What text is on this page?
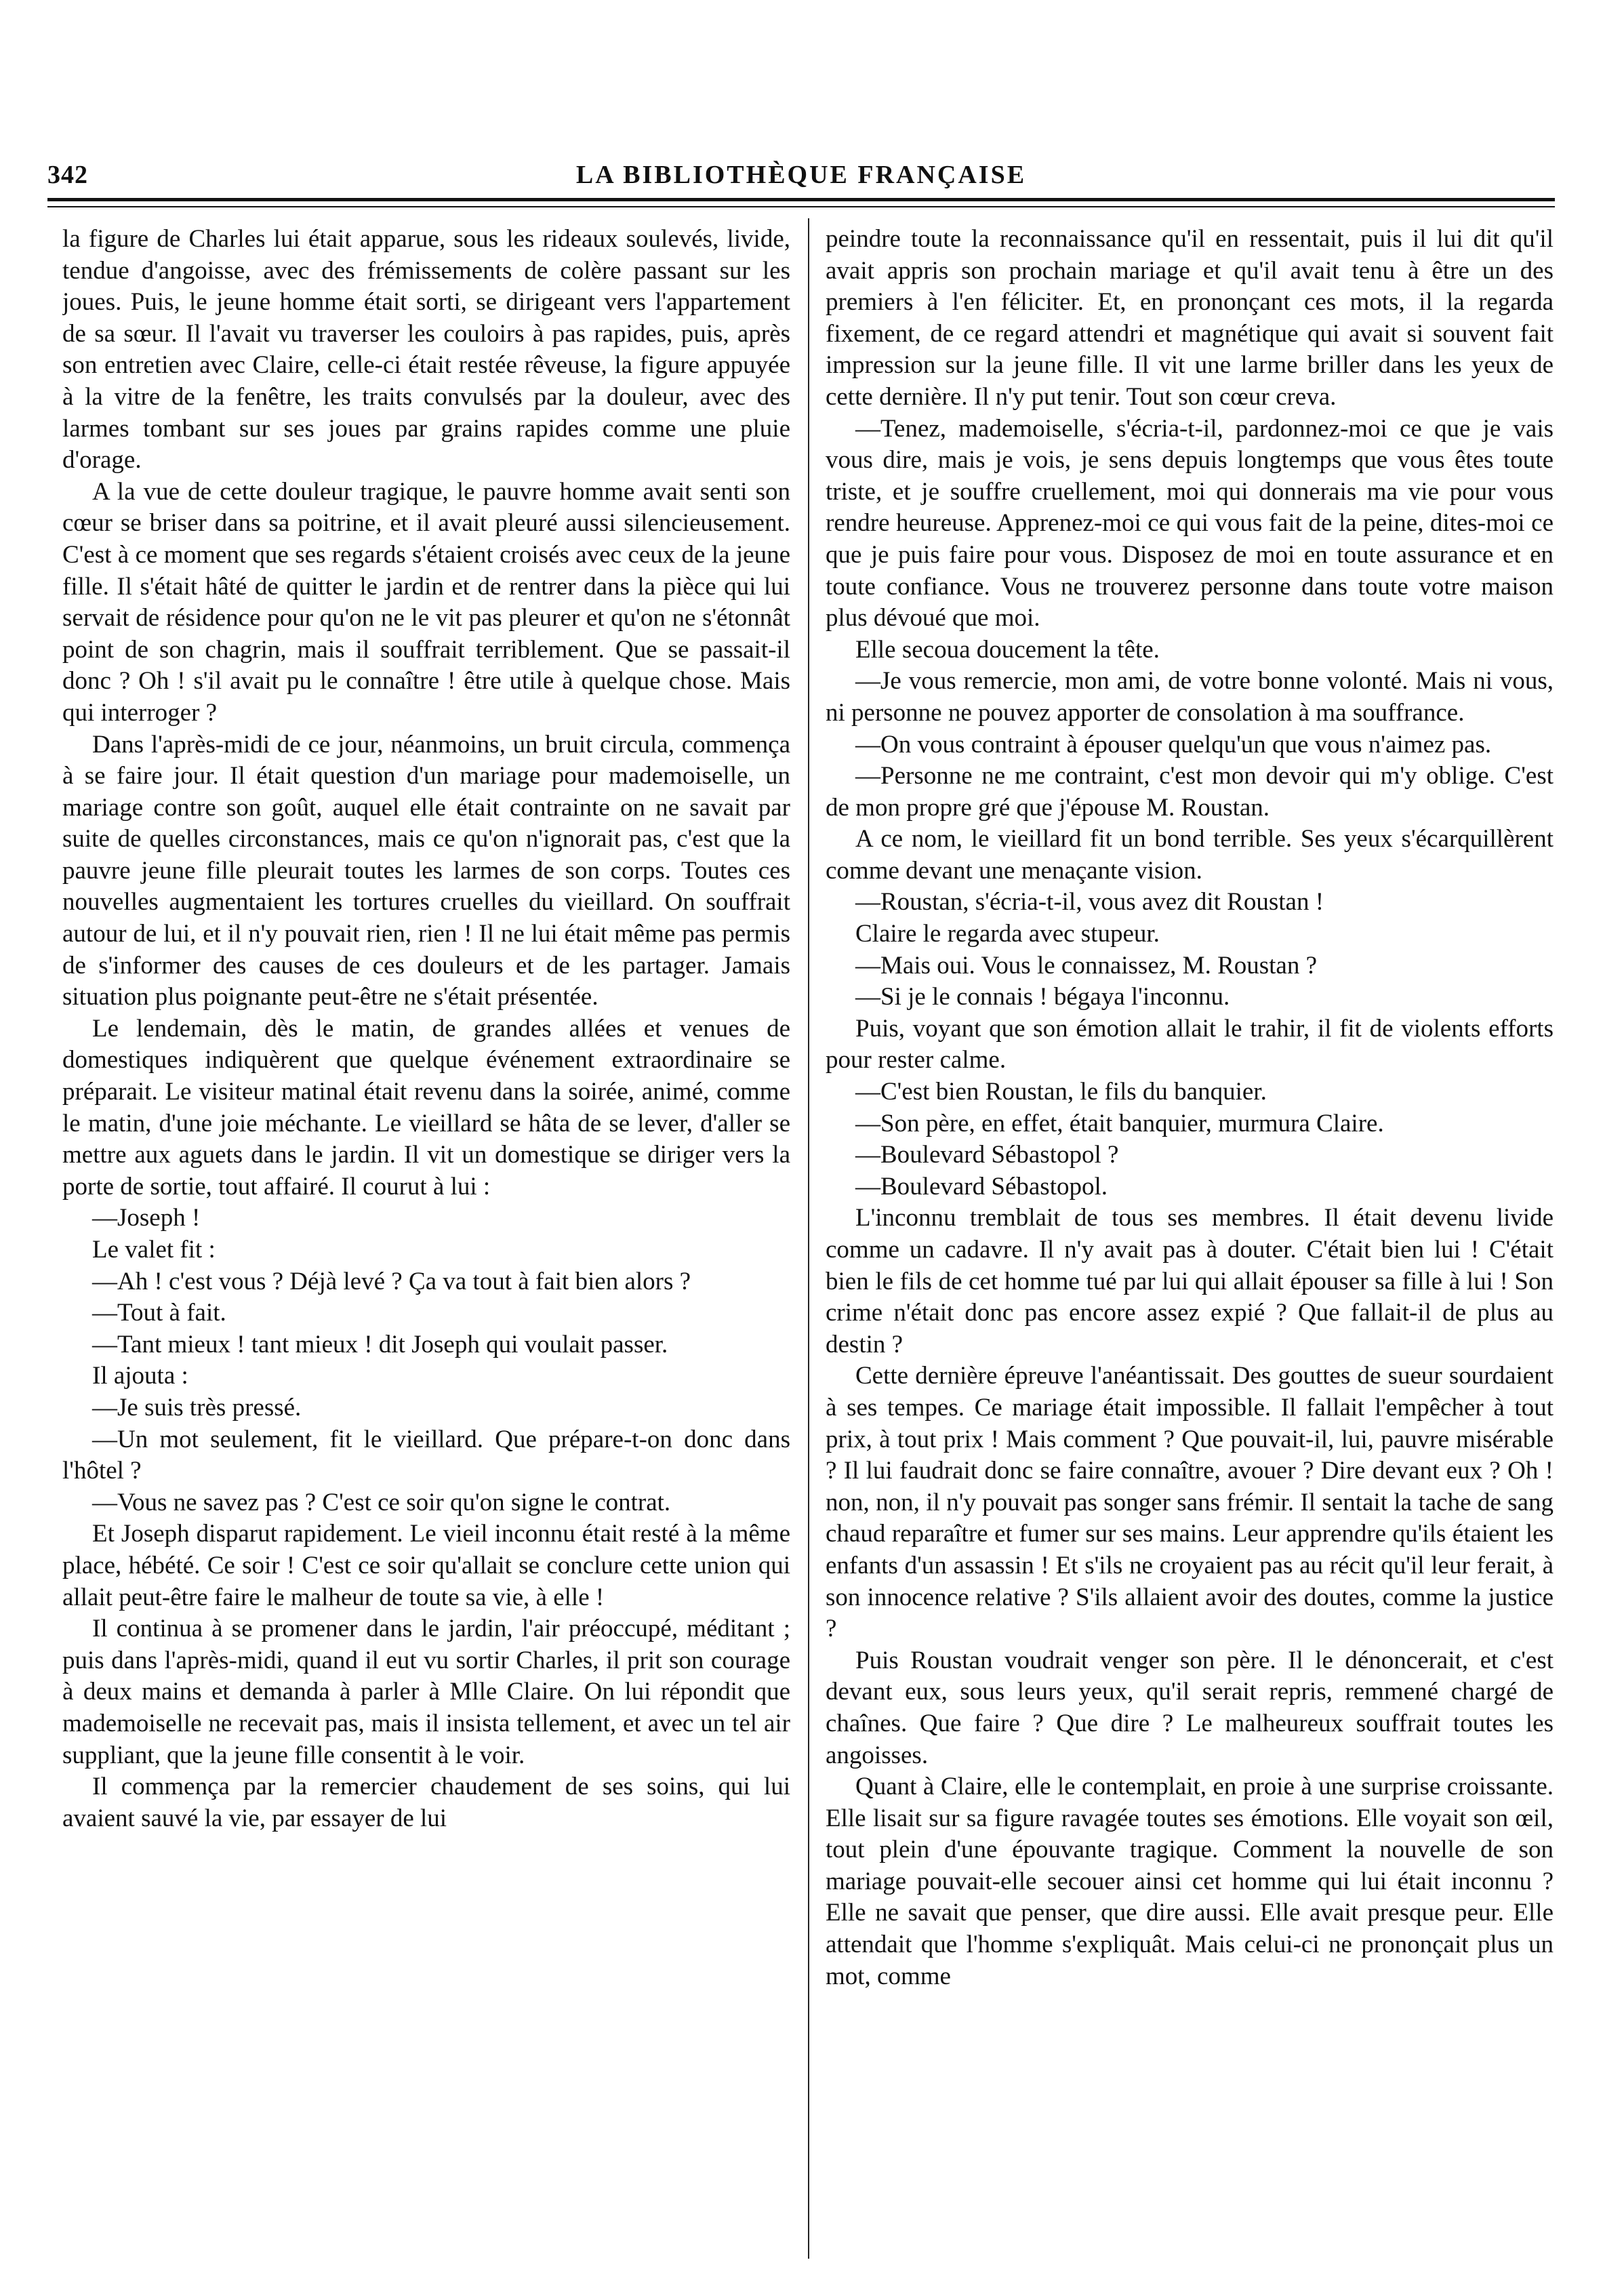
342	LA BIBLIOTHÈQUE FRANÇAISE

la figure de Charles lui était apparue, sous les rideaux soulevés, livide, tendue d'angoisse, avec des frémissements de colère passant sur les joues. Puis, le jeune homme était sorti, se dirigeant vers l'appartement de sa sœur. Il l'avait vu traverser les couloirs à pas rapides, puis, après son entretien avec Claire, celle-ci était restée rêveuse, la figure appuyée à la vitre de la fenêtre, les traits convulsés par la douleur, avec des larmes tombant sur ses joues par grains rapides comme une pluie d'orage.

A la vue de cette douleur tragique, le pauvre homme avait senti son cœur se briser dans sa poitrine, et il avait pleuré aussi silencieusement. C'est à ce moment que ses regards s'étaient croisés avec ceux de la jeune fille. Il s'était hâté de quitter le jardin et de rentrer dans la pièce qui lui servait de résidence pour qu'on ne le vit pas pleurer et qu'on ne s'étonnât point de son chagrin, mais il souffrait terriblement. Que se passait-il donc ? Oh ! s'il avait pu le connaître ! être utile à quelque chose. Mais qui interroger ?

Dans l'après-midi de ce jour, néanmoins, un bruit circula, commença à se faire jour. Il était question d'un mariage pour mademoiselle, un mariage contre son goût, auquel elle était contrainte on ne savait par suite de quelles circonstances, mais ce qu'on n'ignorait pas, c'est que la pauvre jeune fille pleurait toutes les larmes de son corps. Toutes ces nouvelles augmentaient les tortures cruelles du vieillard. On souffrait autour de lui, et il n'y pouvait rien, rien ! Il ne lui était même pas permis de s'informer des causes de ces douleurs et de les partager. Jamais situation plus poignante peut-être ne s'était présentée.

Le lendemain, dès le matin, de grandes allées et venues de domestiques indiquèrent que quelque événement extraordinaire se préparait. Le visiteur matinal était revenu dans la soirée, animé, comme le matin, d'une joie méchante. Le vieillard se hâta de se lever, d'aller se mettre aux aguets dans le jardin. Il vit un domestique se diriger vers la porte de sortie, tout affairé. Il courut à lui :

—Joseph !

Le valet fit :

—Ah ! c'est vous ? Déjà levé ? Ça va tout à fait bien alors ?

—Tout à fait.

—Tant mieux ! tant mieux ! dit Joseph qui voulait passer.

Il ajouta :

—Je suis très pressé.

—Un mot seulement, fit le vieillard. Que prépare-t-on donc dans l'hôtel ?

—Vous ne savez pas ? C'est ce soir qu'on signe le contrat.

Et Joseph disparut rapidement. Le vieil inconnu était resté à la même place, hébété. Ce soir ! C'est ce soir qu'allait se conclure cette union qui allait peut-être faire le malheur de toute sa vie, à elle !

Il continua à se promener dans le jardin, l'air préoccupé, méditant ; puis dans l'après-midi, quand il eut vu sortir Charles, il prit son courage à deux mains et demanda à parler à Mlle Claire. On lui répondit que mademoiselle ne recevait pas, mais il insista tellement, et avec un tel air suppliant, que la jeune fille consentit à le voir.

Il commença par la remercier chaudement de ses soins, qui lui avaient sauvé la vie, par essayer de lui

peindre toute la reconnaissance qu'il en ressentait, puis il lui dit qu'il avait appris son prochain mariage et qu'il avait tenu à être un des premiers à l'en féliciter. Et, en prononçant ces mots, il la regarda fixement, de ce regard attendri et magnétique qui avait si souvent fait impression sur la jeune fille. Il vit une larme briller dans les yeux de cette dernière. Il n'y put tenir. Tout son cœur creva.

—Tenez, mademoiselle, s'écria-t-il, pardonnez-moi ce que je vais vous dire, mais je vois, je sens depuis longtemps que vous êtes toute triste, et je souffre cruellement, moi qui donnerais ma vie pour vous rendre heureuse. Apprenez-moi ce qui vous fait de la peine, dites-moi ce que je puis faire pour vous. Disposez de moi en toute assurance et en toute confiance. Vous ne trouverez personne dans toute votre maison plus dévoué que moi.

Elle secoua doucement la tête.

—Je vous remercie, mon ami, de votre bonne volonté. Mais ni vous, ni personne ne pouvez apporter de consolation à ma souffrance.

—On vous contraint à épouser quelqu'un que vous n'aimez pas.

—Personne ne me contraint, c'est mon devoir qui m'y oblige. C'est de mon propre gré que j'épouse M. Roustan.

A ce nom, le vieillard fit un bond terrible. Ses yeux s'écarquillèrent comme devant une menaçante vision.

—Roustan, s'écria-t-il, vous avez dit Roustan !

Claire le regarda avec stupeur.

—Mais oui. Vous le connaissez, M. Roustan ?

—Si je le connais ! bégaya l'inconnu.

Puis, voyant que son émotion allait le trahir, il fit de violents efforts pour rester calme.

—C'est bien Roustan, le fils du banquier.

—Son père, en effet, était banquier, murmura Claire.

—Boulevard Sébastopol ?

—Boulevard Sébastopol.

L'inconnu tremblait de tous ses membres. Il était devenu livide comme un cadavre. Il n'y avait pas à douter. C'était bien lui ! C'était bien le fils de cet homme tué par lui qui allait épouser sa fille à lui ! Son crime n'était donc pas encore assez expié ? Que fallait-il de plus au destin ?

Cette dernière épreuve l'anéantissait. Des gouttes de sueur sourdaient à ses tempes. Ce mariage était impossible. Il fallait l'empêcher à tout prix, à tout prix ! Mais comment ? Que pouvait-il, lui, pauvre misérable ? Il lui faudrait donc se faire connaître, avouer ? Dire devant eux ? Oh ! non, non, il n'y pouvait pas songer sans frémir. Il sentait la tache de sang chaud reparaître et fumer sur ses mains. Leur apprendre qu'ils étaient les enfants d'un assassin ! Et s'ils ne croyaient pas au récit qu'il leur ferait, à son innocence relative ? S'ils allaient avoir des doutes, comme la justice ?

Puis Roustan voudrait venger son père. Il le dénoncerait, et c'est devant eux, sous leurs yeux, qu'il serait repris, remmené chargé de chaînes. Que faire ? Que dire ? Le malheureux souffrait toutes les angoisses.

Quant à Claire, elle le contemplait, en proie à une surprise croissante. Elle lisait sur sa figure ravagée toutes ses émotions. Elle voyait son œil, tout plein d'une épouvante tragique. Comment la nouvelle de son mariage pouvait-elle secouer ainsi cet homme qui lui était inconnu ? Elle ne savait que penser, que dire aussi. Elle avait presque peur. Elle attendait que l'homme s'expliquât. Mais celui-ci ne prononçait plus un mot, comme
